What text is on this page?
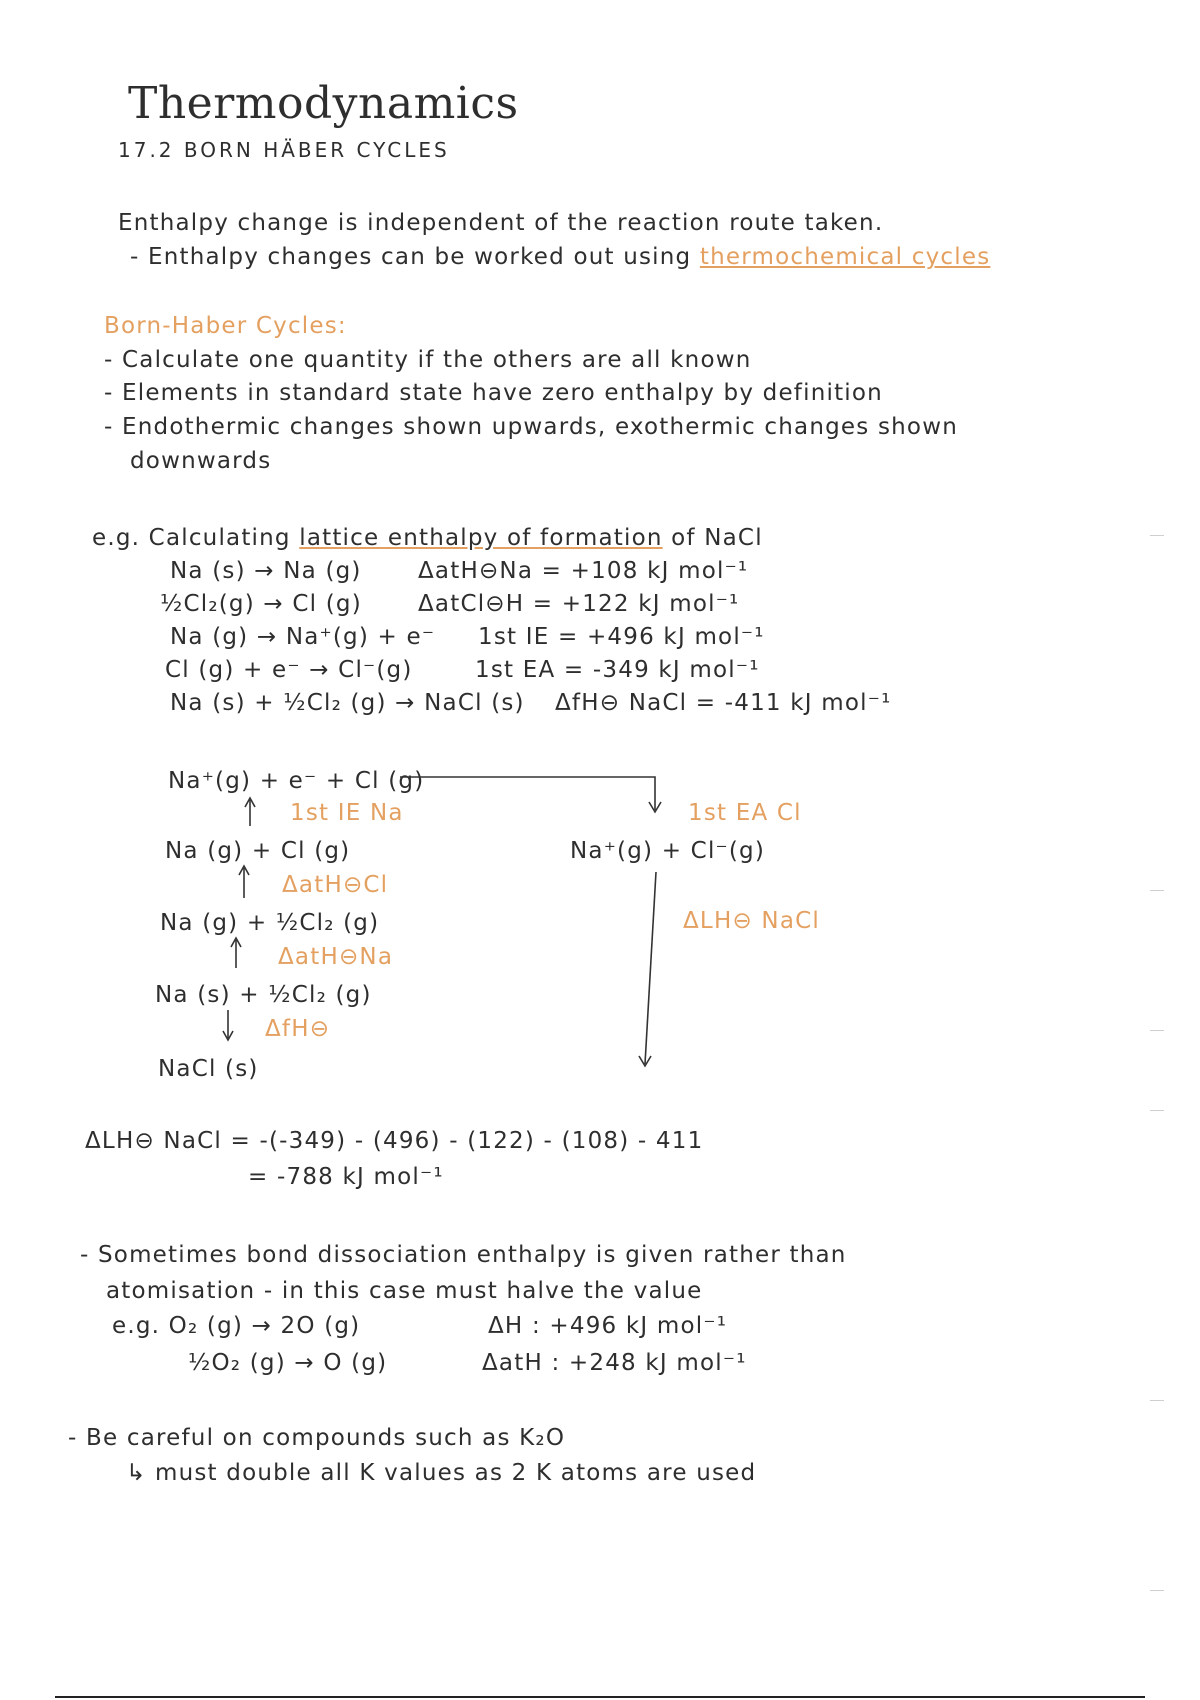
Thermodynamics
17.2 BORN HÄBER CYCLES
Enthalpy change is independent of the reaction route taken.
- Enthalpy changes can be worked out using thermochemical cycles
Born-Haber Cycles:
- Calculate one quantity if the others are all known
- Elements in standard state have zero enthalpy by definition
- Endothermic changes shown upwards, exothermic changes shown
downwards
e.g. Calculating lattice enthalpy of formation of NaCl
Na (s) → Na (g) ΔatH⊖Na = +108 kJ mol⁻¹
½Cl₂(g) → Cl (g) ΔatCl⊖H = +122 kJ mol⁻¹
Na (g) → Na⁺(g) + e⁻ 1st IE = +496 kJ mol⁻¹
Cl (g) + e⁻ → Cl⁻(g)	1st EA = -349 kJ mol⁻¹
Na (s) + ½Cl₂ (g) → NaCl (s) ΔfH⊖ NaCl = -411 kJ mol⁻¹
Na⁺(g) + e⁻ + Cl (g)
1st IE Na
Na (g) + Cl (g)
ΔatH⊖Cl
Na (g) + ½Cl₂ (g)
ΔatH⊖Na
Na (s) + ½Cl₂ (g)
ΔfH⊖
NaCl (s)
1st EA Cl
Na⁺(g) + Cl⁻(g)
ΔLH⊖ NaCl
ΔLH⊖ NaCl = -(-349) - (496) - (122) - (108) - 411
= -788 kJ mol⁻¹
- Sometimes bond dissociation enthalpy is given rather than
atomisation - in this case must halve the value
e.g. O₂ (g) → 2O (g)	ΔH : +496 kJ mol⁻¹
½O₂ (g) → O (g)	ΔatH : +248 kJ mol⁻¹
- Be careful on compounds such as K₂O
↳ must double all K values as 2 K atoms are used
